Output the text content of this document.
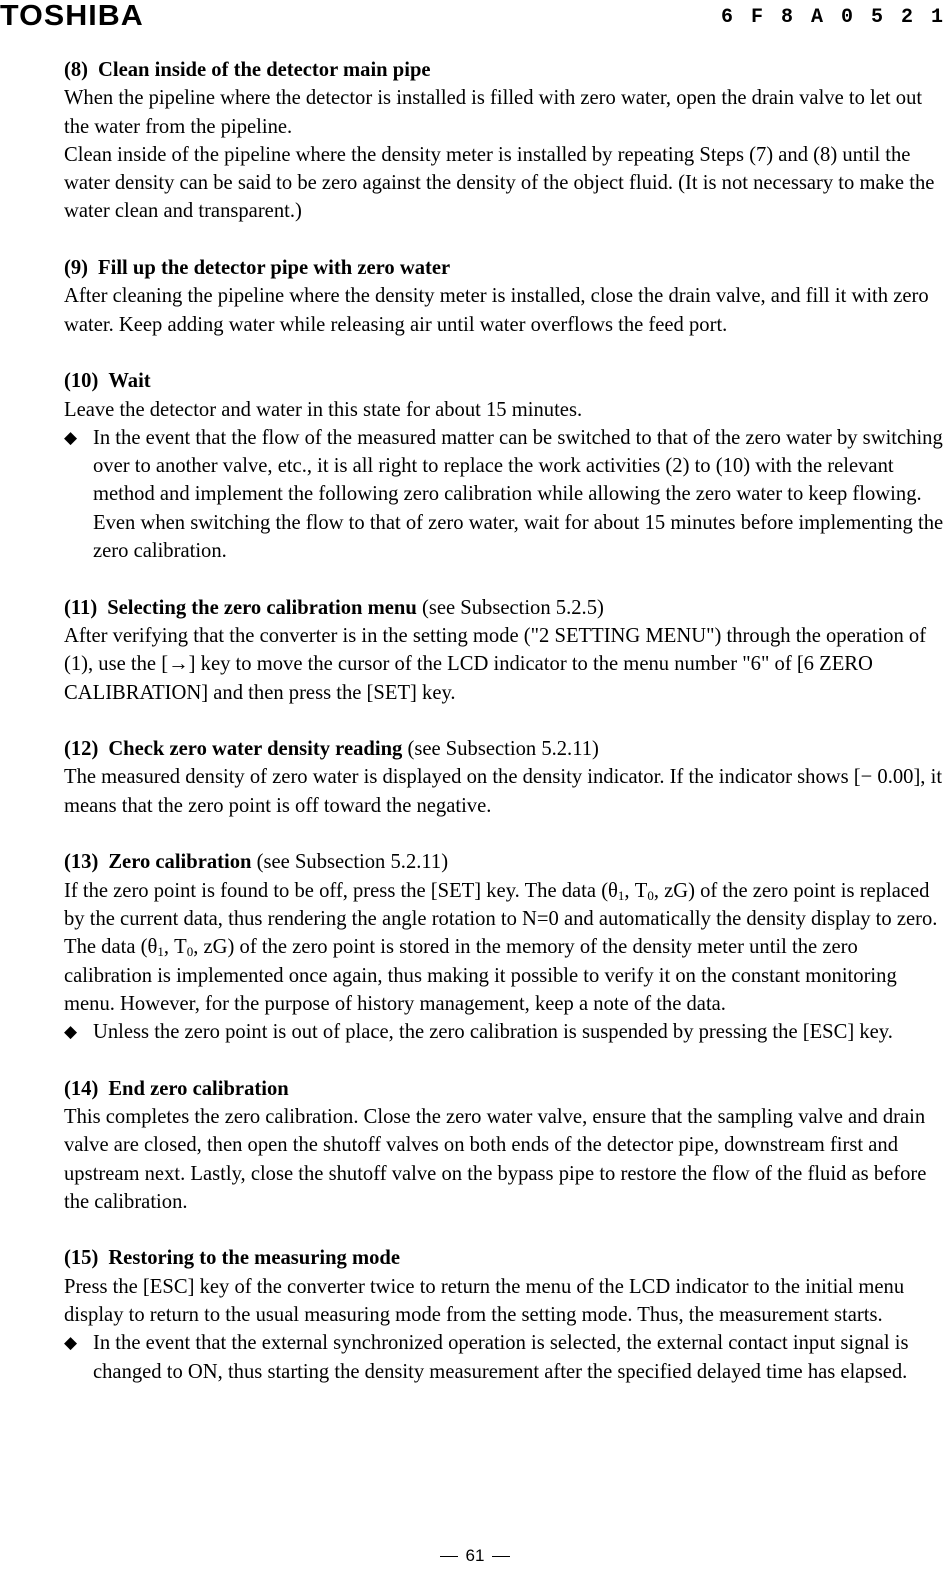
TOSHIBA	6 F 8 A 0 5 2 1
(8) Clean inside of the detector main pipe

When the pipeline where the detector is installed is filled with zero water, open the drain valve to let out the water from the pipeline.

Clean inside of the pipeline where the density meter is installed by repeating Steps (7) and (8) until the water density can be said to be zero against the density of the object fluid. (It is not necessary to make the water clean and transparent.)

(9) Fill up the detector pipe with zero water

After cleaning the pipeline where the density meter is installed, close the drain valve, and fill it with zero water. Keep adding water while releasing air until water overflows the feed port.

(10) Wait

Leave the detector and water in this state for about 15 minutes.

◆ In the event that the flow of the measured matter can be switched to that of the zero water by switching over to another valve, etc., it is all right to replace the work activities (2) to (10) with the relevant method and implement the following zero calibration while allowing the zero water to keep flowing. Even when switching the flow to that of zero water, wait for about 15 minutes before implementing the zero calibration.
(11) Selecting the zero calibration menu (see Subsection 5.2.5)

After verifying that the converter is in the setting mode ("2 SETTING MENU") through the operation of (1), use the [→] key to move the cursor of the LCD indicator to the menu number "6" of [6 ZERO CALIBRATION] and then press the [SET] key.

(12) Check zero water density reading (see Subsection 5.2.11)

The measured density of zero water is displayed on the density indicator. If the indicator shows [− 0.00], it means that the zero point is off toward the negative.

(13) Zero calibration (see Subsection 5.2.11)

If the zero point is found to be off, press the [SET] key. The data ($\theta_1$, $T_0$, zG) of the zero point is replaced by the current data, thus rendering the angle rotation to N=0 and automatically the density display to zero. The data ($\theta_1$, $T_0$, zG) of the zero point is stored in the memory of the density meter until the zero calibration is implemented once again, thus making it possible to verify it on the constant monitoring menu. However, for the purpose of history management, keep a note of the data.

◆ Unless the zero point is out of place, the zero calibration is suspended by pressing the [ESC] key.
(14) End zero calibration

This completes the zero calibration. Close the zero water valve, ensure that the sampling valve and drain valve are closed, then open the shutoff valves on both ends of the detector pipe, downstream first and upstream next. Lastly, close the shutoff valve on the bypass pipe to restore the flow of the fluid as before the calibration.

(15) Restoring to the measuring mode

Press the [ESC] key of the converter twice to return the menu of the LCD indicator to the initial menu display to return to the usual measuring mode from the setting mode. Thus, the measurement starts.

◆ In the event that the external synchronized operation is selected, the external contact input signal is changed to ON, thus starting the density measurement after the specified delayed time has elapsed.
61
